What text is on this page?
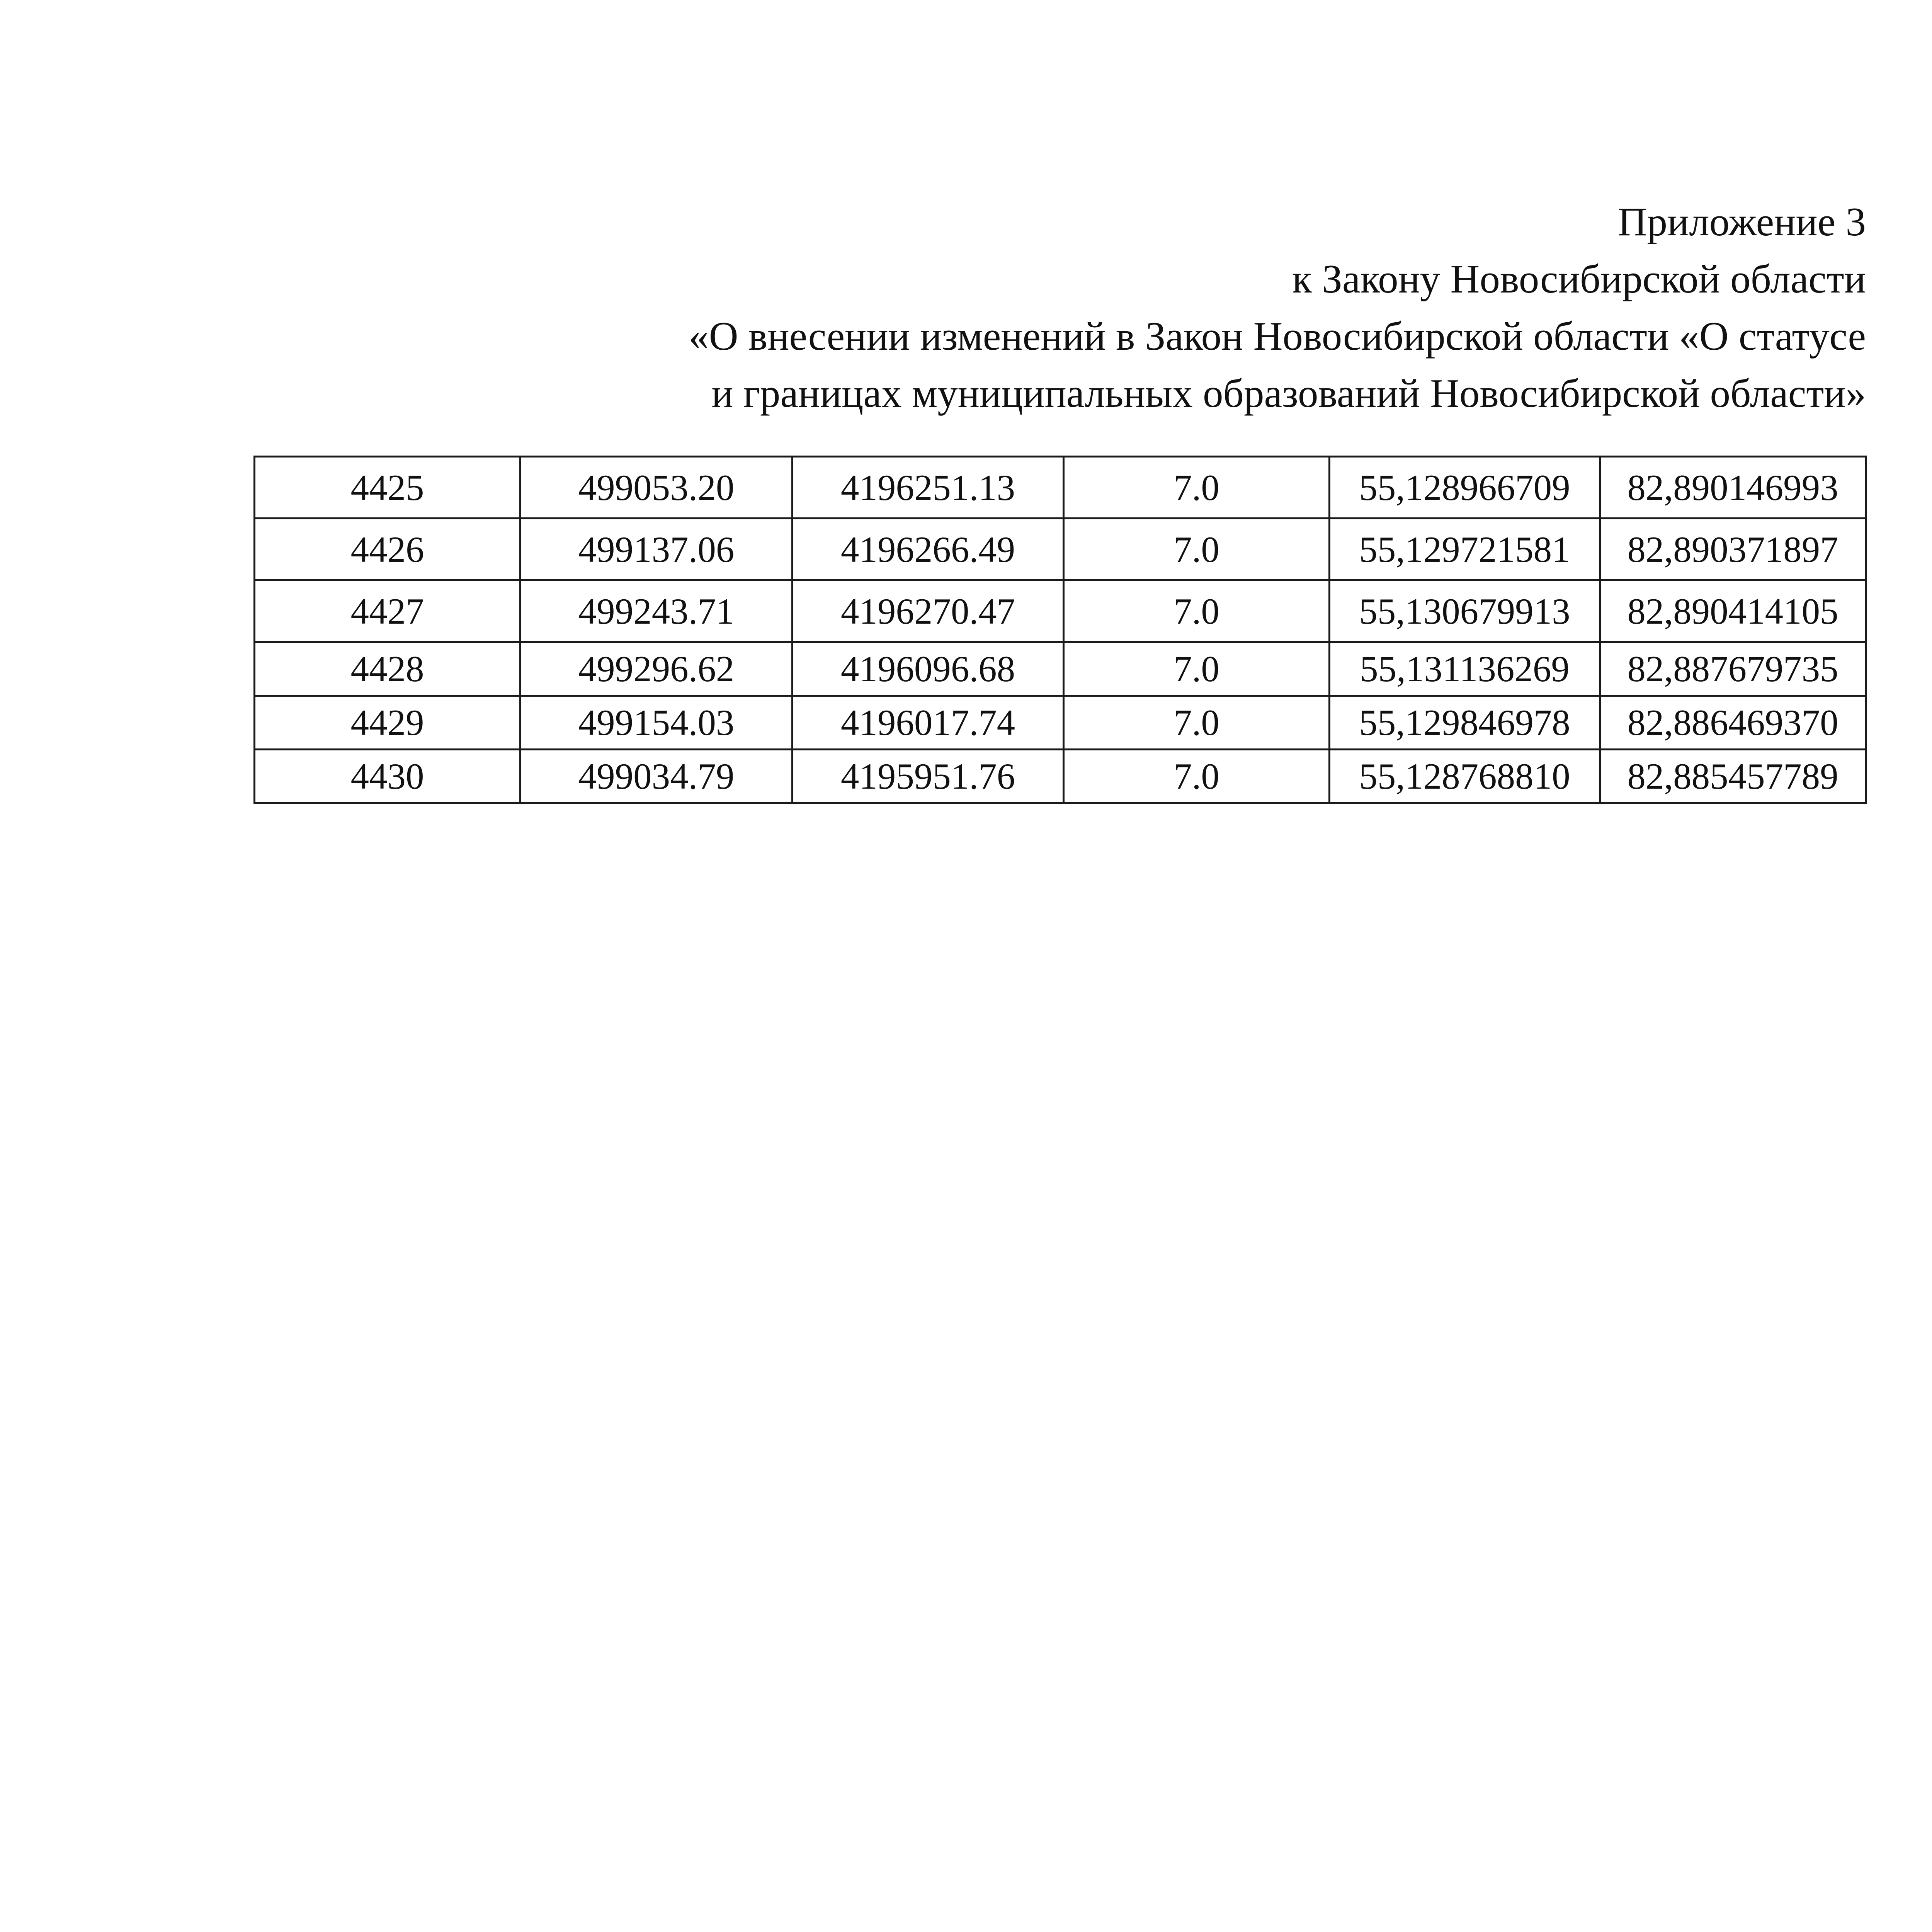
Приложение 3
к Закону Новосибирской области
«О внесении изменений в Закон Новосибирской области «О статусе
и границах муниципальных образований Новосибирской области»
4425	499053.20	4196251.13	7.0	55,128966709	82,890146993
4426	499137.06	4196266.49	7.0	55,129721581	82,890371897
4427	499243.71	4196270.47	7.0	55,130679913	82,890414105
4428	499296.62	4196096.68	7.0	55,131136269	82,887679735
4429	499154.03	4196017.74	7.0	55,129846978	82,886469370
4430	499034.79	4195951.76	7.0	55,128768810	82,885457789
